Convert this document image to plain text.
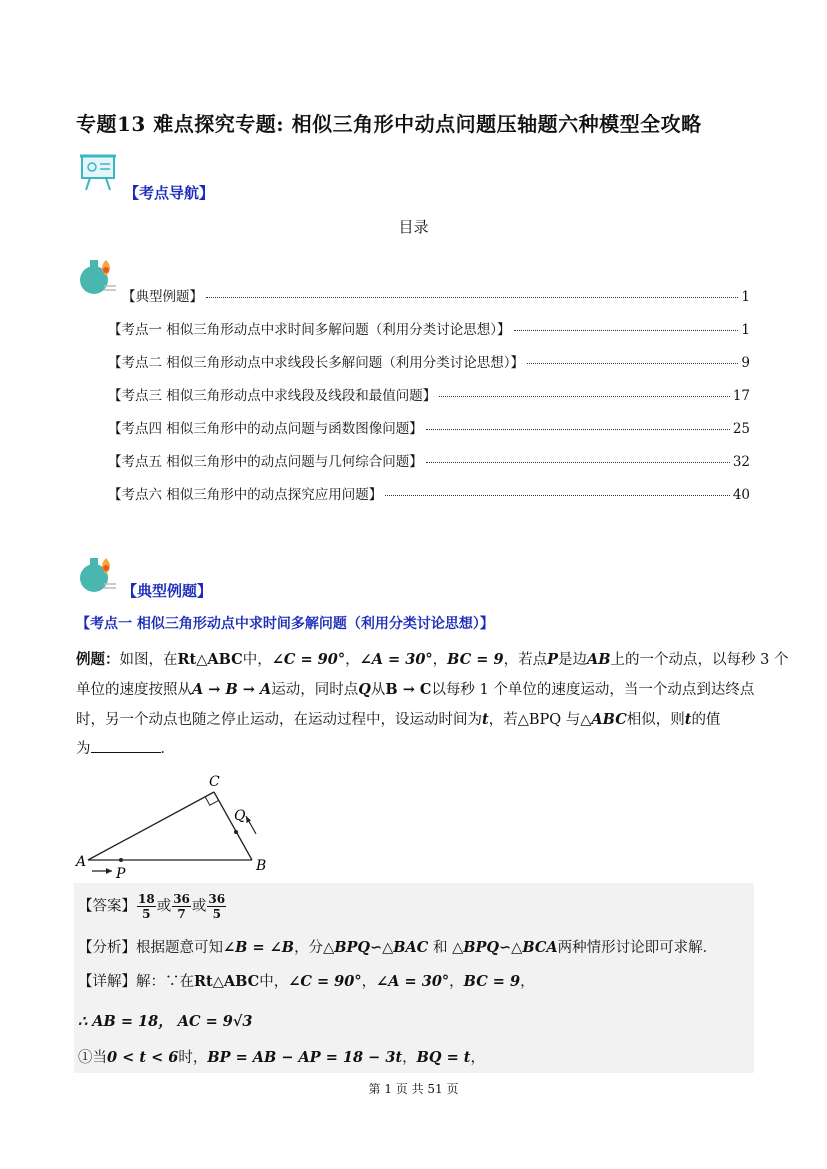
专题13 难点探究专题: 相似三角形中动点问题压轴题六种模型全攻略
【考点导航】
目录
【典型例题】	1
【考点一 相似三角形动点中求时间多解问题（利用分类讨论思想）】	1
【考点二 相似三角形动点中求线段长多解问题（利用分类讨论思想）】	9
【考点三 相似三角形动点中求线段及线段和最值问题】	17
【考点四 相似三角形中的动点问题与函数图像问题】	25
【考点五 相似三角形中的动点问题与几何综合问题】	32
【考点六 相似三角形中的动点探究应用问题】	40
【典型例题】
【考点一 相似三角形动点中求时间多解问题（利用分类讨论思想）】
例题：如图，在Rt△ABC中，∠C = 90°，∠A = 30°，BC = 9，若点P是边AB上的一个动点，以每秒 3 个
单位的速度按照从A → B → A运动，同时点Q从B → C以每秒 1 个单位的速度运动，当一个动点到达终点
时，另一个动点也随之停止运动，在运动过程中，设运动时间为t，若△BPQ 与△ABC相似，则t的值
为	．
A	B
C
P
Q
【答案】 $\frac{18}{5}$ 或 $\frac{36}{7}$ 或 $\frac{36}{5}$
【分析】根据题意可知∠B = ∠B，分△BPQ∽△BAC 和 △BPQ∽△BCA两种情形讨论即可求解．
【详解】解：∵在Rt△ABC中，∠C = 90°，∠A = 30°，BC = 9，
∴ AB = 18， AC = 9√3
①当0 < t < 6时，BP = AB − AP = 18 − 3t，BQ = t，
第 1 页 共 51 页
